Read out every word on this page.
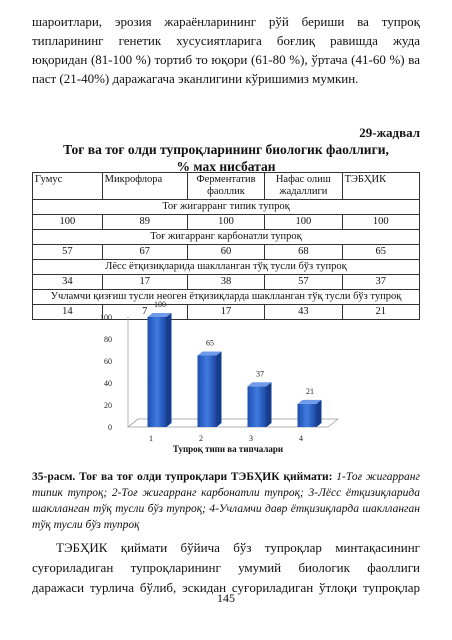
шароитлари, эрозия жараёнларининг рўй бериши ва тупроқ
типларининг генетик хусусиятларига боғлиқ равишда жуда
юқоридан (81-100 %) тортиб то юқори (61-80 %), ўртача (41-60 %) ва
паст (21-40%) даражагача эканлигини кўришимиз мумкин.
29-жадвал
Тоғ ва тоғ олди тупроқларининг биологик фаоллиги,
% мах нисбатан
Гумус	Микрофлора	Ферментатив фаоллик	Нафас олиш жадаллиги	ТЭБҲИК
Тоғ жигарранг типик тупроқ				
100	89	100	100	100
Тоғ жигарранг карбонатли тупроқ				
57	67	60	68	65
Лёсс ётқизиқларида шаклланган тўқ тусли бўз тупроқ				
34	17	38	57	37
Учламчи қизғиш тусли неоген ётқизиқларда шаклланган тўқ тусли бўз тупроқ				
14	7	17	43	21
0
20
40
60
80
100
100
1
65
2
37
3
21
4
Тупроқ типи ва типчалари

35-расм. Тоғ ва тоғ олди тупроқлари ТЭБҲИК қиймати: 1-Тоғ жигарранг типик тупроқ; 2-Тоғ жигарранг карбонатли тупроқ; 3-Лёсс ётқизиқларида шаклланган тўқ тусли бўз тупроқ; 4-Учламчи давр ётқизиқларда шаклланган тўқ тусли бўз тупроқ

ТЭБҲИК қиймати бўйича бўз тупроқлар минтақасининг
суғориладиган тупроқларининг умумий биологик фаоллиги
даражаси турлича бўлиб, эскидан суғориладиган ўтлоқи тупроқлар
145
